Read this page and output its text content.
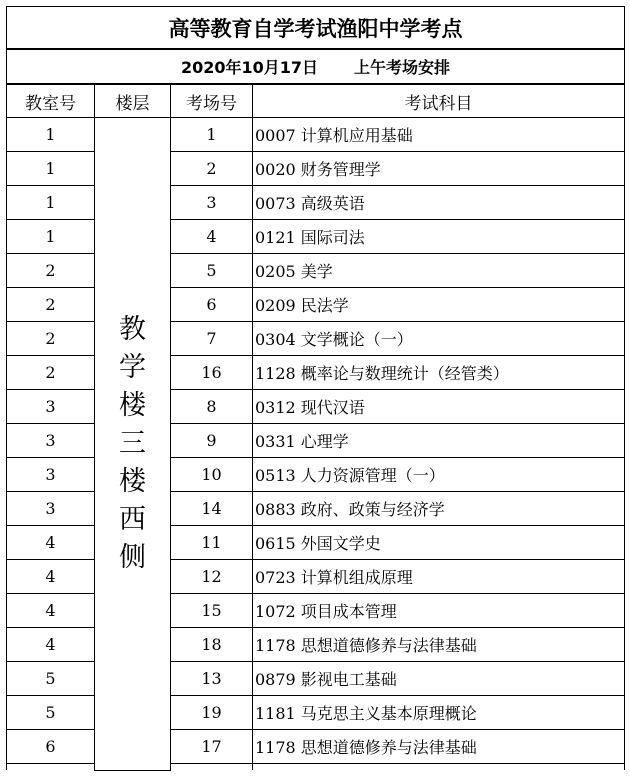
高等教育自学考试渔阳中学考点			
2020年10月17日 上午考场安排			
教室号	楼层	考场号	考试科目
1	教学楼三楼西侧	1	0007 计算机应用基础
1		2	0020 财务管理学
1		3	0073 高级英语
1		4	0121 国际司法
2		5	0205 美学
2		6	0209 民法学
2		7	0304 文学概论（一）
2		16	1128 概率论与数理统计（经管类）
3		8	0312 现代汉语
3		9	0331 心理学
3		10	0513 人力资源管理（一）
3		14	0883 政府、政策与经济学
4		11	0615 外国文学史
4		12	0723 计算机组成原理
4		15	1072 项目成本管理
4		18	1178 思想道德修养与法律基础
5		13	0879 影视电工基础
5		19	1181 马克思主义基本原理概论
6		17	1178 思想道德修养与法律基础
